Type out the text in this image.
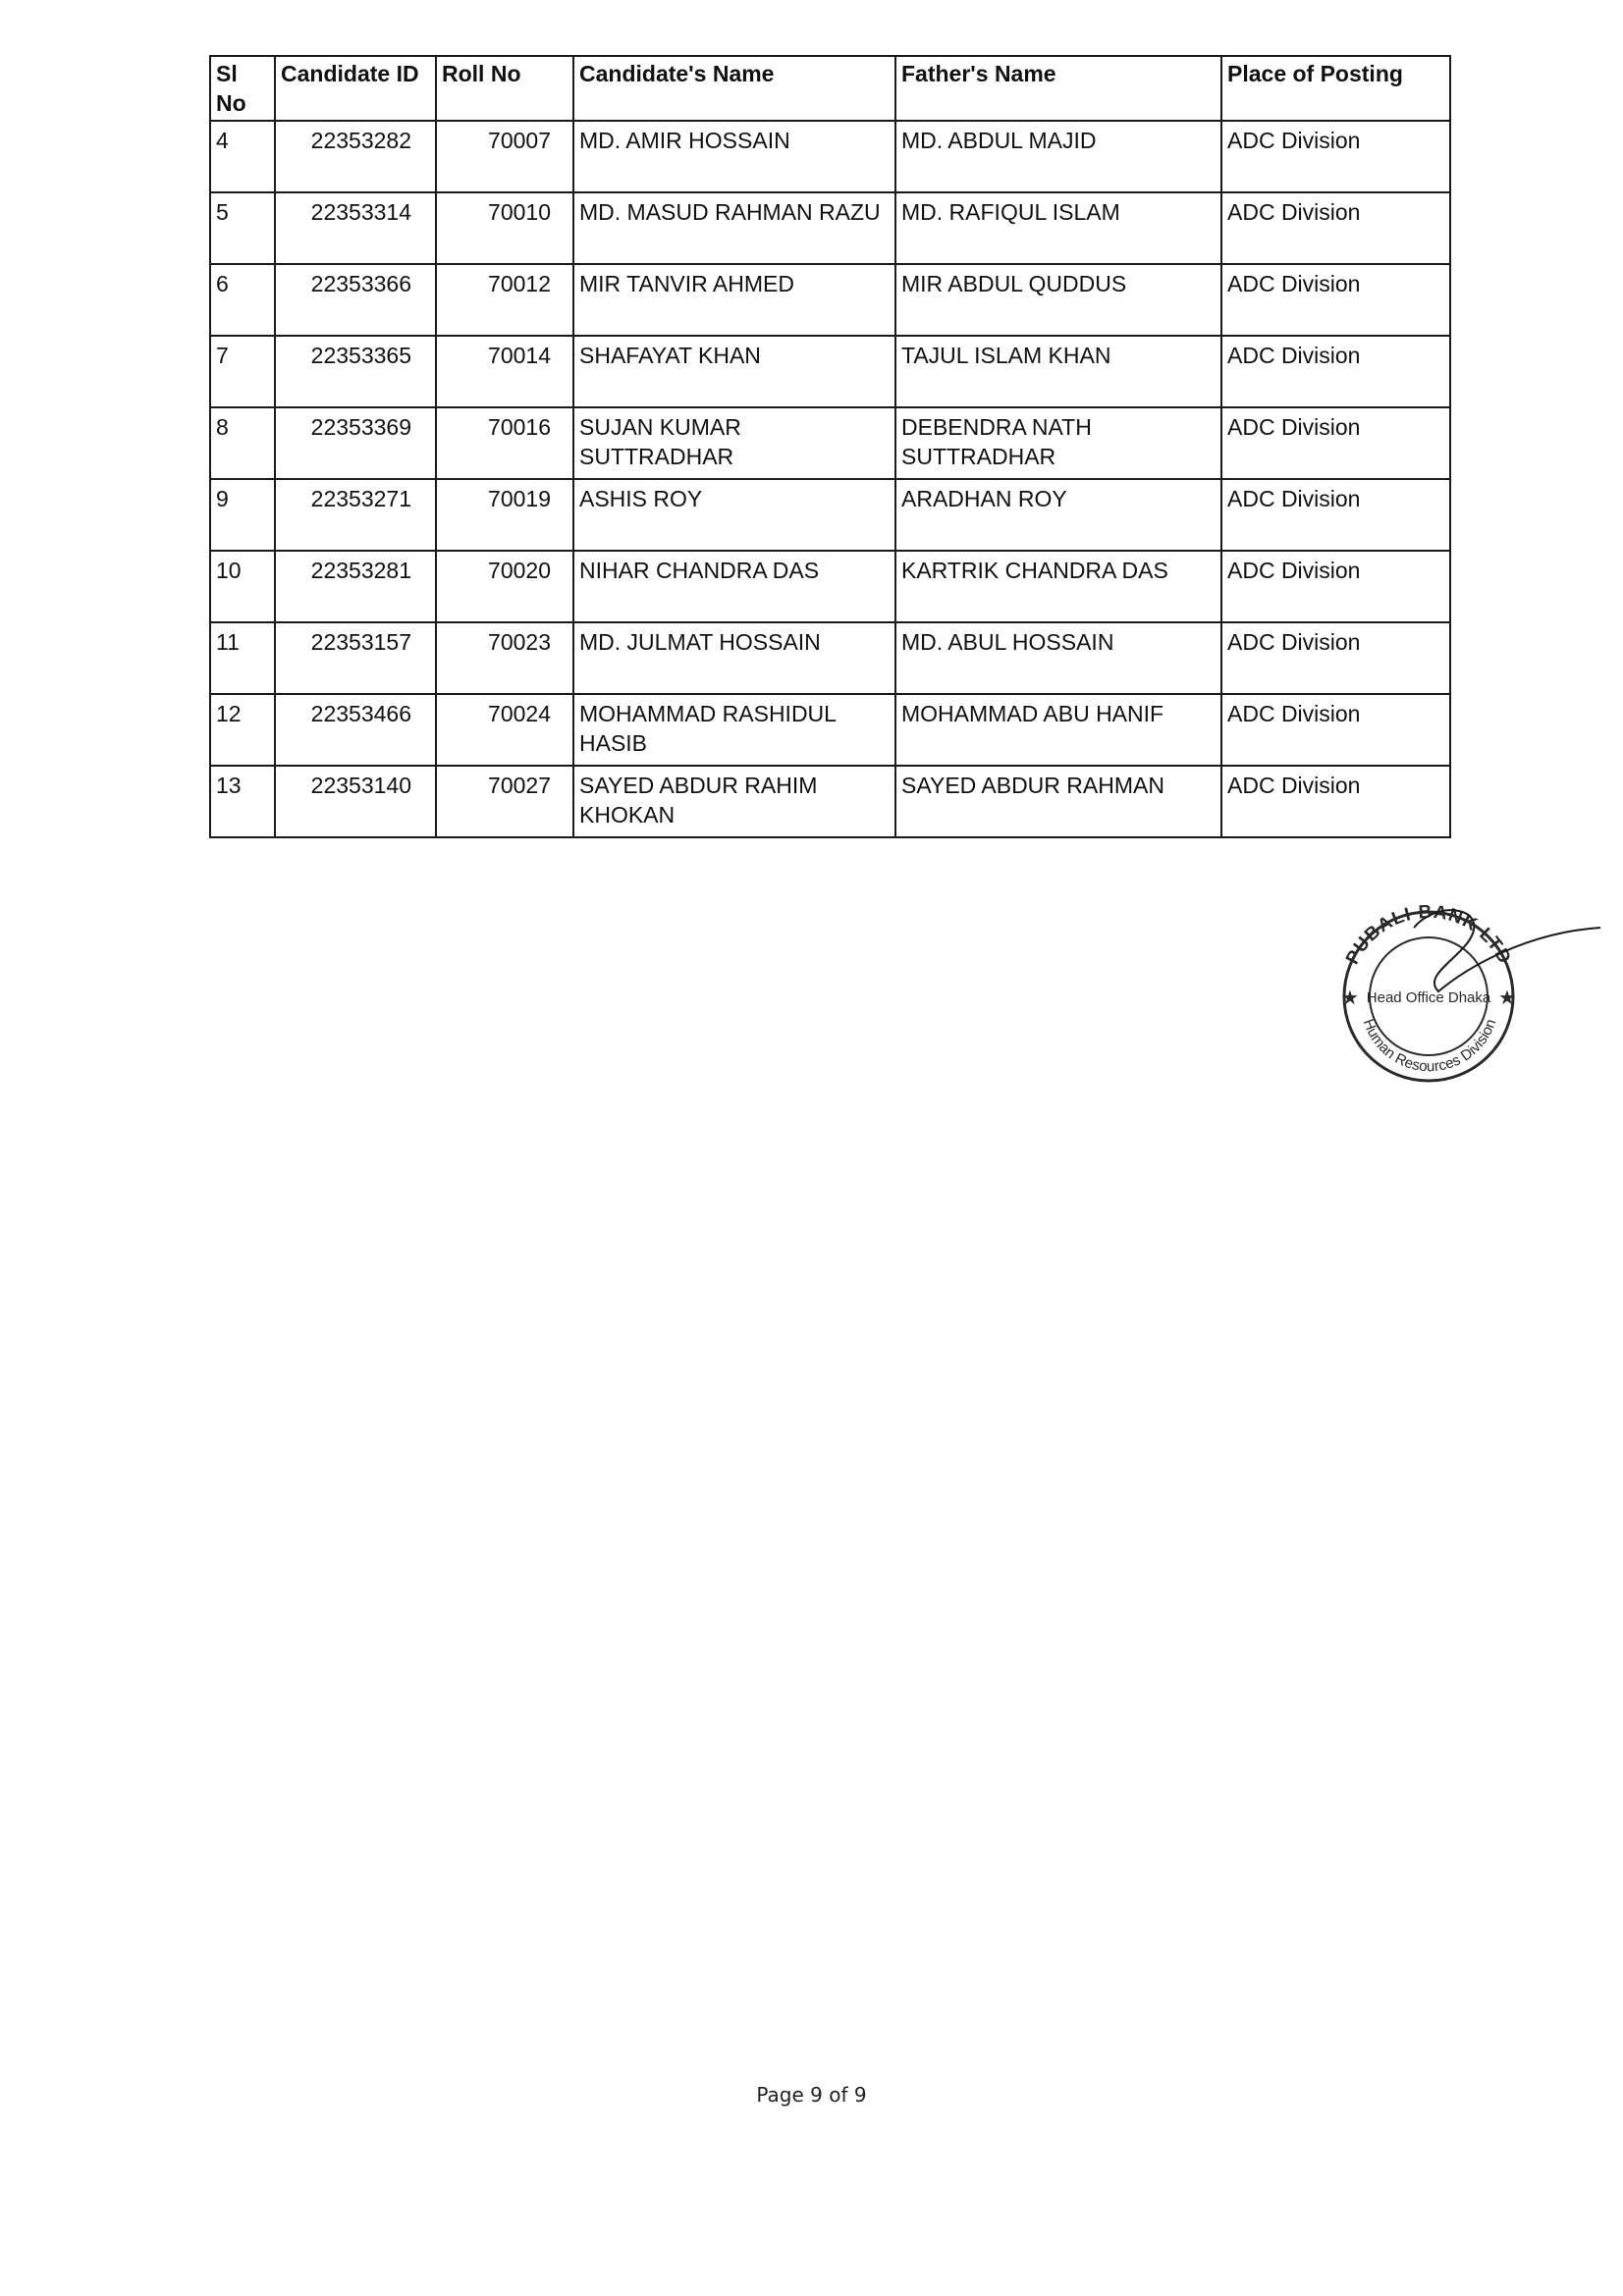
Sl No	Candidate ID	Roll No	Candidate's Name	Father's Name	Place of Posting
4	22353282	70007	MD. AMIR HOSSAIN	MD. ABDUL MAJID	ADC Division
5	22353314	70010	MD. MASUD RAHMAN RAZU	MD. RAFIQUL ISLAM	ADC Division
6	22353366	70012	MIR TANVIR AHMED	MIR ABDUL QUDDUS	ADC Division
7	22353365	70014	SHAFAYAT KHAN	TAJUL ISLAM KHAN	ADC Division
8	22353369	70016	SUJAN KUMAR SUTTRADHAR	DEBENDRA NATH SUTTRADHAR	ADC Division
9	22353271	70019	ASHIS ROY	ARADHAN ROY	ADC Division
10	22353281	70020	NIHAR CHANDRA DAS	KARTRIK CHANDRA DAS	ADC Division
11	22353157	70023	MD. JULMAT HOSSAIN	MD. ABUL HOSSAIN	ADC Division
12	22353466	70024	MOHAMMAD RASHIDUL HASIB	MOHAMMAD ABU HANIF	ADC Division
13	22353140	70027	SAYED ABDUR RAHIM KHOKAN	SAYED ABDUR RAHMAN	ADC Division
PUBALI BANK LTD
Human Resources Division
Head Office Dhaka
★	★
Page 9 of 9
